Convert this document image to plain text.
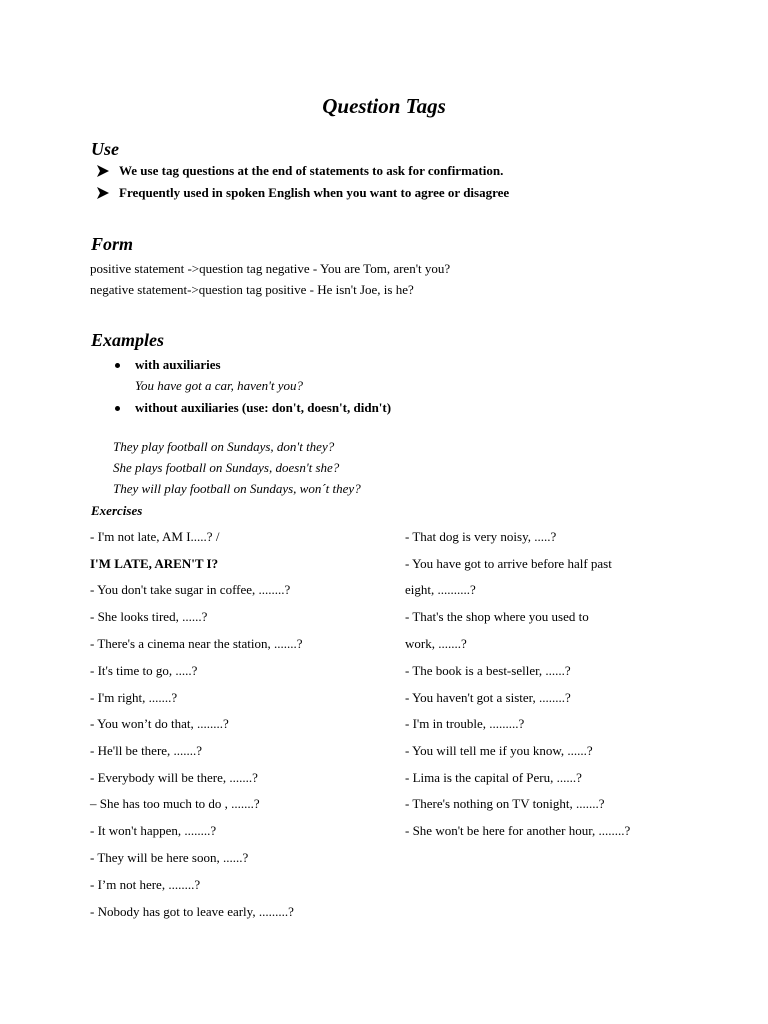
Question Tags
Use
We use tag questions at the end of statements to ask for confirmation.
Frequently used in spoken English when you want to agree or disagree
Form
positive statement ->question tag negative - You are Tom, aren't you?
negative statement->question tag positive - He isn't Joe, is he?
Examples
with auxiliaries
You have got a car, haven't you?
without auxiliaries (use: don't, doesn't, didn't)
They play football on Sundays, don't they?
She plays football on Sundays, doesn't she?
They will play football on Sundays, won´t they?
Exercises
- I'm not late, AM I.....? /
I'M LATE, AREN'T I?
- You don't take sugar in coffee, ........?
- She looks tired, ......?
- There's a cinema near the station, .......?
- It's time to go, .....?
- I'm right, .......?
- You won’t do that, ........?
- He'll be there, .......?
- Everybody will be there, .......?
– She has too much to do , .......?
- It won't happen, ........?
- They will be here soon, ......?
- I’m not here, ........?
- Nobody has got to leave early, .........?
- That dog is very noisy, .....?
- You have got to arrive before half past
eight, ..........?
- That's the shop where you used to
work, .......?
- The book is a best-seller, ......?
- You haven't got a sister, ........?
- I'm in trouble, .........?
- You will tell me if you know, ......?
- Lima is the capital of Peru, ......?
- There's nothing on TV tonight, .......?
- She won't be here for another hour, ........?
